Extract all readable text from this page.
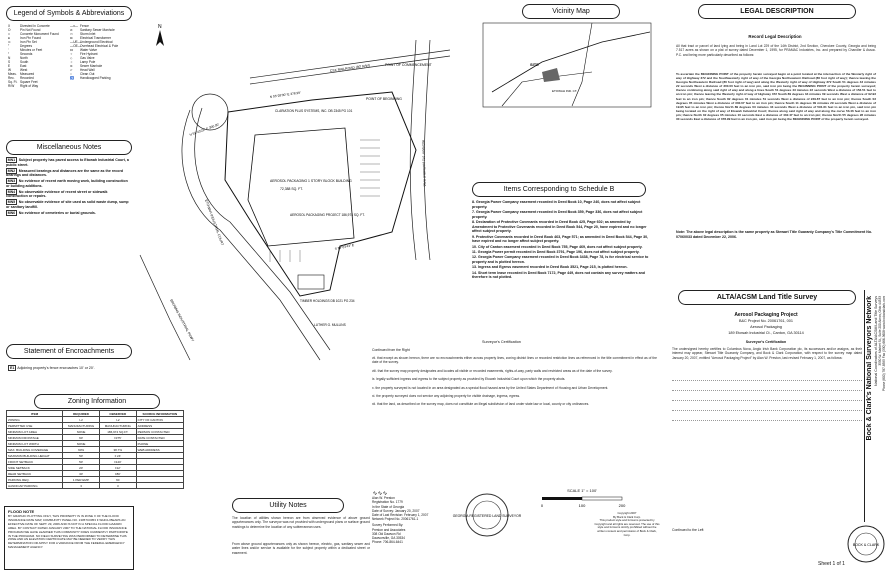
Legend of Symbols & Abbreviations
X	Divested In Concrete
O	Pin Not Found
□	Concrete Monument Found
●	Iron Pin Found
⊙	Iron Pin Set
°	Degrees
′	Minutes or Feet
″	Seconds
N	North
S	South
E	East
W	West
Meas. Measured
Rec. Recorded
Sq. Ft. Square Feet
R/W Right of Way
—x— Fence
⊘ Sanitary Sewer Manhole
▭ Storm Inlet
⊠ Electrical Transformer
—UE—Underground Electrical
—OE—Overhead Electrical & Pole
⋈ Water Valve
✧ Fire Hydrant
◇ Gas Valve
☼ Lamp Pole
⊛ Sewer Manhole
▱ Head Wall
○	Clean Out
♿ Handicapped Parking
Miscellaneous Notes
MN1 Subject property has paved access to Etowah Industrial Court, a public street.
MN2 Measured bearings and distances are the same as the record bearings and distances.
MN3 No evidence of recent earth moving work, building construction or building additions.
MN4 No observable evidence of recent street or sidewalk construction or repairs.
MN5 No observable evidence of site used as solid waste dump, sump or sanitary landfill.
MN6 No evidence of cemeteries or burial grounds.
Statement of Encroachments
E1 Adjoining property's fence encroaches 10' or 20'.
Zoning Information
ITEM	REQUIRED	OBSERVED	SOURCE INFORMATION
ZONING	I-2	I-2	CITY OF CANTON
PERMITTED USE	MANUFACTURING	MANUFACTURING	ADDRESS
MINIMUM LOT AREA	NONE	186,974 SQ.FT.	PERSON CONTACTED
MINIMUM FRONTAGE	60'	±375'	DATE CONTACTED
MINIMUM LOT WIDTH	NONE		PHONE
MAX. BUILDING COVERAGE	60%	38.7%	WEB ADDRESS
MAXIMUM BUILDING HEIGHT	50'	± 24'	
FRONT SETBACK	50'	±120'	
SIDE SETBACK	20'	±12'	
REAR SETBACK	30'	±80'	
PARKING REQ.	1 PER EMP.	60	
HANDICAP PARKING	3	3	
FLOOD NOTE
BY GRAPHIC PLOTTING ONLY, THIS PROPERTY IS IN ZONE X OF THE FLOOD INSURANCE RATE MAP, COMMUNITY PANEL NO. 13057C0053 F WHICH BEARS AN EFFECTIVE DATE OF SEPT. 29, 2006 AND IS NOT IN A SPECIAL FLOOD HAZARD AREA. BY CONTACT DATED JANUARY 2007 TO THE NATIONAL FLOOD INSURANCE PROGRAM WE HAVE LEARNED THIS COMMUNITY DOES CURRENTLY PARTICIPATE IN THE PROGRAM. NO FIELD SURVEYING WAS PERFORMED TO DETERMINE THIS ZONE AND AN ELEVATION CERTIFICATE MAY BE NEEDED TO VERIFY THIS DETERMINATION OR APPLY FOR A VARIANCE FROM THE FEDERAL EMERGENCY MANAGEMENT AGENCY.
Utility Notes
The location of utilities shown hereon are from observed evidence of above ground appurtenances only. The surveyor was not provided with underground plans or surface ground markings to determine the location of any subterranean uses.
From above ground appurtenances only as shown hereon, electric, gas, sanitary sewer and water lines and/or service is available for the subject property within a dedicated street or easement.
CSX RAILROAD (80' R/W)	POINT OF COMMENCEMENT
POINT OF BEGINNING
HIGHWAY 372 (VARIABLE R/W)
CLARIATION PLUS SYSTEMS, INC. DB 2345 PG 101
AEROSOL PACKAGING 1 STORY BLOCK BUILDING
72,388 SQ. FT.
AEROSOL PACKAGING PROJECT 186,974 SQ. FT.
ETOWAH INDUSTRIAL COURT
BROWNS INDUSTRIAL PKWY	TIMBER HOLDINGS DB 1021 PG 234
LUTHER G. MULLINS
N 51°43'22" E 300.00'
S 89°03'43" E
N 55°28'30" E 378.99'
N
Vicinity Map
SITE
ETOWAH IND. CT.
Items Corresponding to Schedule B
8. Georgia Power Company easement recorded in Deed Book 10, Page 240, does not affect subject property.
7. Georgia Power Company easement recorded in Deed Book 359, Page 336, does not affect subject property.
8. Declaration of Protective Covenants recorded in Deed Book 425, Page 602; as amended by Amendment to Protective Covenants recorded in Deed Book 544, Page 20, have expired and no longer affect subject property.
9. Protective Covenants recorded in Deed Book 463, Page 571; as amended in Deed Book 544, Page 30, have expired and no longer affect subject property.
10. City of Canton easement recorded in Deed Book 755, Page 469, does not affect subject property.
11. Georgia Power permit recorded in Deed Book 3791, Page 196, does not affect subject property.
12. Georgia Power Company easement recorded in Deed Book 3438, Page 78, is for electrical service to property and is plotted hereon.
13. Ingress and Egress easement recorded in Deed Book 3521, Page 215, is plotted hereon.
14. Short term lease recorded in Deed Book 7172, Page 449, does not contain any survey matters and therefore is not plotted.
Surveyor's Certification
Continued from the Right
vii. that except as shown hereon, there are no encroachments either across property lines, zoning district lines or recorded restriction lines as referenced in the title commitment in effect as of the date of the survey.
viii. that the survey map properly designates and locates all visible or recorded easements, rights-of-way, party walls and restricted areas as of the date of the survey.
ix. legally sufficient ingress and egress to the subject property as provided by Etowah Industrial Court upon which the property abuts.
x. the property surveyed is not located in an area designated as a special flood hazard area by the United States Department of Housing and Urban Development.
xi. the property surveyed does not service any adjoining property for visible drainage, ingress, egress.
xii. that the land, as described on the survey map, does not constitute an illegal subdivision of land under state law or local, county or city ordinances.
∿∿∿
Alan W. Preston
Registration No. 1779
In the State of Georgia
Date of Survey: January 20, 2007
Date of Last Revision: February 1, 2007
Network Project No. 20061761-1
Survey Performed By:
Preston and Associates
308 Old Dawson Rd
Dawsonville, GA 30534
Phone: 706-864-6441
GEORGIA REGISTERED LAND SURVEYOR
SCALE 1" = 100'
0	100	200
Copyright 2007
By Bock & Clark Corp.
This product style and format is protected by Copyright and all rights are reserved. The use of this style and format is strictly prohibited without the written consent and permission of Bock & Clark, Corp.
LEGAL DESCRIPTION
Record Legal Description
All that tract or parcel of land lying and being in Land Lot 229 of the 14th District, 2nd Section, Cherokee County, Georgia and being 7.517 acres as shown on a plat of survey dated December 1, 1995, for PRAMAC Industries, Inc. and prepared by Chandler & Assoc. P.C. and being more particularly described as follows:
To ascertain the BEGINNING POINT of the property herein surveyed begin at a point located at the intersection of the Westerly right of way of Highway 372 and the Southwesterly right of way of the Georgia Northeastern Railroad (80 foot right of way); thence leaving the Georgia Northeastern Railroad (80 foot right of way) and along the Westerly right of way of Highway 372 South 51 degrees 43 minutes 22 seconds West a distance of 300.00 feet to an iron pin, said iron pin being the BEGINNING POINT of the property herein surveyed; thence continuing along said right of way and along a lines South 51 degrees 43 minutes 22 seconds West a distance of 153.51 feet to an iron pin; thence leaving the Westerly right of way of Highway 372 South 89 degrees 34 minutes 09 seconds West a distance of 92.93 feet to an iron pin; thence South 82 degrees 01 minutes 51 seconds West a distance of 229.87 feet to an iron pin; thence South 03 degrees 05 minutes West a distance of 330.07 feet to an iron pin; thence South 11 degrees 09 minutes 29 seconds West a distance of 19.95 feet to an iron pin; thence North 89 degrees 03 minutes 43 seconds West a distance of 591.61 feet to an iron pin, said iron pin being located on the right of way of Etowah Industrial Court; thence along said right of way and along the curve 53.46 feet to an iron pin; thence North 02 degrees 05 minutes 10 seconds East a distance of 402.47 feet to an iron pin; thence North 55 degrees 28 minutes 30 seconds East a distance of 378.99 feet to an iron pin, said iron pin being the BEGINNING POINT of the property herein surveyed.
Note: The above legal description is the same property as Stewart Title Guaranty Company's Title Commitment No. 07060033 dated December 22, 2006.
ALTA/ACSM Land Title Survey
Aerosol Packaging Project
B&C Project No. 20061761, 001
Aerosol Packaging
189 Etowah Industrial Ct., Canton, GA 30114
Surveyor's Certification
The undersigned hereby certifies to Columbus Nova, Anglo Irish Bank Corporation plc, its successors and/or assigns, as their interest may appear, Stewart Title Guaranty Company, and Bock & Clark Corporation, with respect to the survey map dated January 20, 2007, entitled "Aerosol Packaging Project" by Alan W. Preston, last revised February 1, 2007, as follows:
Continued to the Left
Bock & Clark's National Surveyors Network National Coordinators of ALTA/ACSM Land Title Surveys 3550 W. Market St., Suite 200 Akron, Ohio 44333 Phone (800) 787-8395 Fax (330) 666-3608 www.bockandclark.com
BOCK & CLARK
Sheet 1 of 1
